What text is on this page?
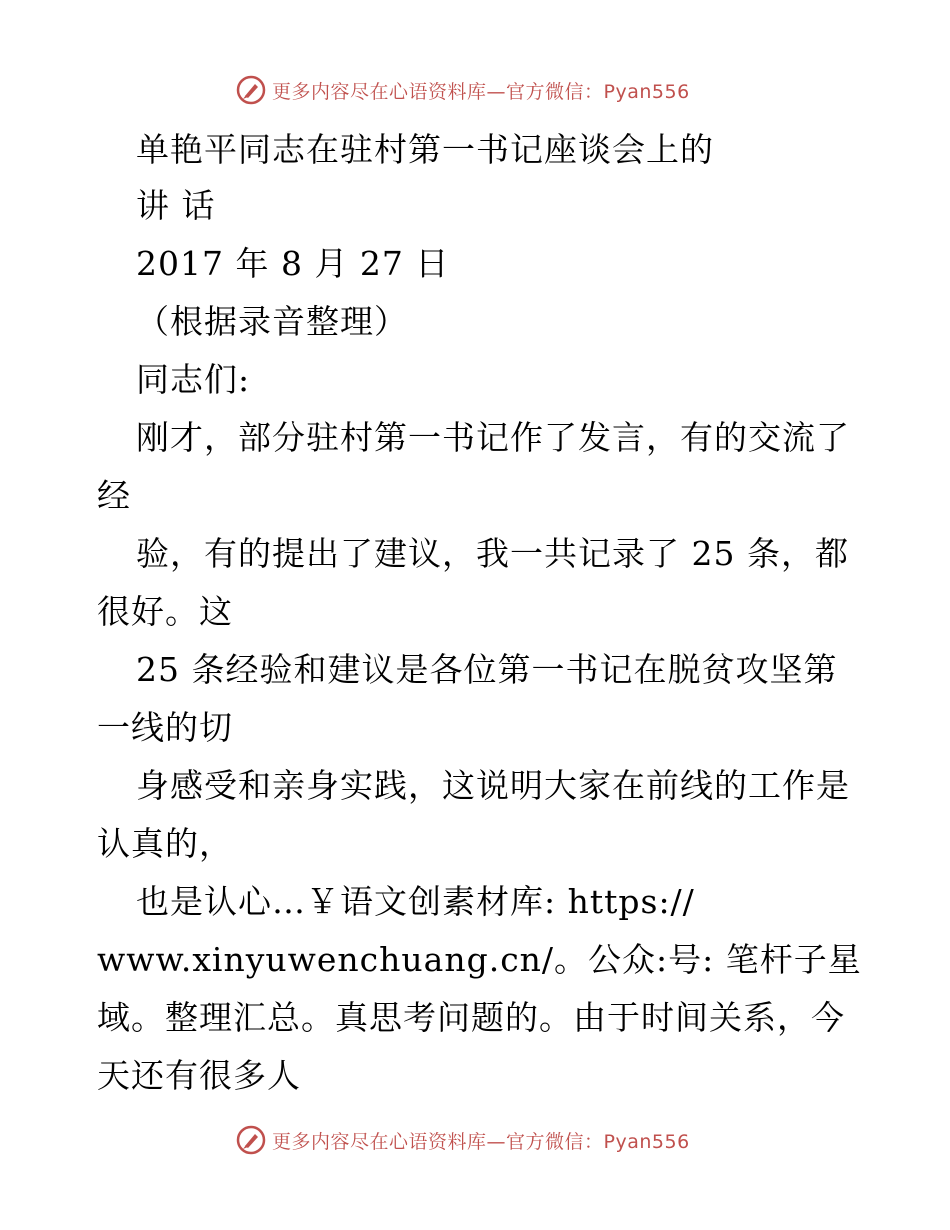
更多内容尽在心语资料库—官方微信：Pyan556
单艳平同志在驻村第一书记座谈会上的
讲 话
2017 年 8 月 27 日
（根据录音整理）
同志们:
刚才，部分驻村第一书记作了发言，有的交流了
经
验，有的提出了建议，我一共记录了 25 条，都
很好。这
25 条经验和建议是各位第一书记在脱贫攻坚第
一线的切
身感受和亲身实践，这说明大家在前线的工作是
认真的，
也是认心…￥语文创素材库: https://
www.xinyuwenchuang.cn/。公众:号: 笔杆子星
域。整理汇总。真思考问题的。由于时间关系，今
天还有很多人
更多内容尽在心语资料库—官方微信：Pyan556
